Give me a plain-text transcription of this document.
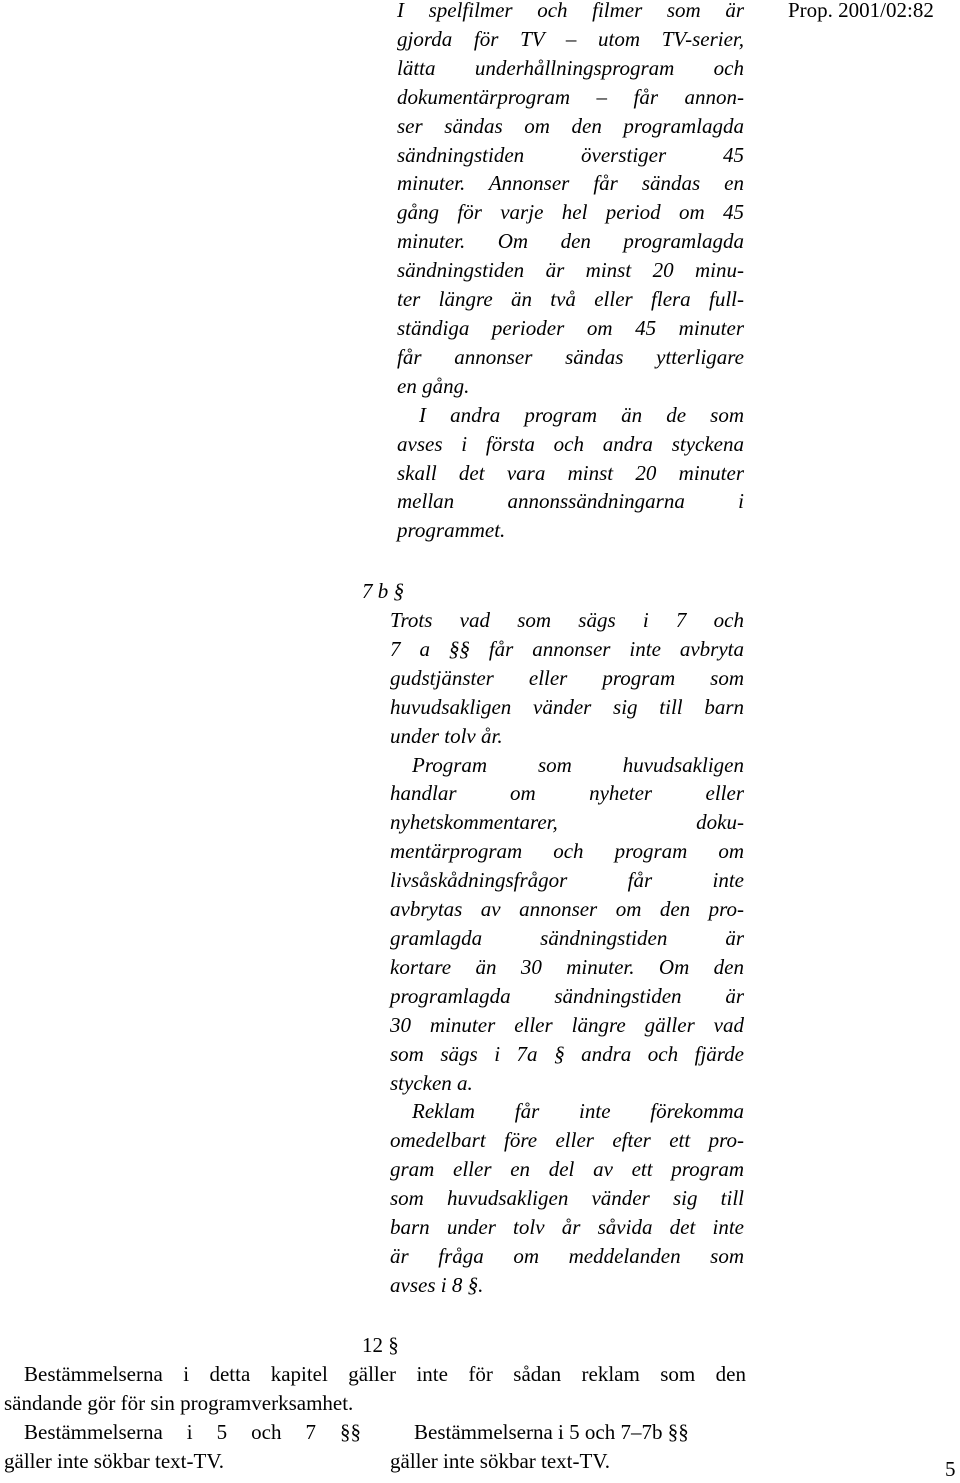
Prop. 2001/02:82
I spelfilmer och filmer som är
gjorda för TV – utom TV-serier,
lätta underhållningsprogram och
dokumentärprogram – får annon-
ser sändas om den programlagda
sändningstiden överstiger 45
minuter. Annonser får sändas en
gång för varje hel period om 45
minuter. Om den programlagda
sändningstiden är minst 20 minu-
ter längre än två eller flera full-
ständiga perioder om 45 minuter
får annonser sändas ytterligare
en gång.
I andra program än de som
avses i första och andra styckena
skall det vara minst 20 minuter
mellan annonssändningarna i
programmet.
7 b §
Trots vad som sägs i 7 och
7 a §§ får annonser inte avbryta
gudstjänster eller program som
huvudsakligen vänder sig till barn
under tolv år.
Program som huvudsakligen
handlar om nyheter eller
nyhetskommentarer, doku-
mentärprogram och program om
livsåskådningsfrågor får inte
avbrytas av annonser om den pro-
gramlagda sändningstiden är
kortare än 30 minuter. Om den
programlagda sändningstiden är
30 minuter eller längre gäller vad
som sägs i 7a § andra och fjärde
stycken a.
Reklam får inte förekomma
omedelbart före eller efter ett pro-
gram eller en del av ett program
som huvudsakligen vänder sig till
barn under tolv år såvida det inte
är fråga om meddelanden som
avses i 8 §.
12 §
Bestämmelserna i detta kapitel gäller inte för sådan reklam som den
sändande gör för sin programverksamhet.
Bestämmelserna i 5 och 7 §§
gäller inte sökbar text-TV.
Bestämmelserna i 5 och 7–7b §§
gäller inte sökbar text-TV.	5
